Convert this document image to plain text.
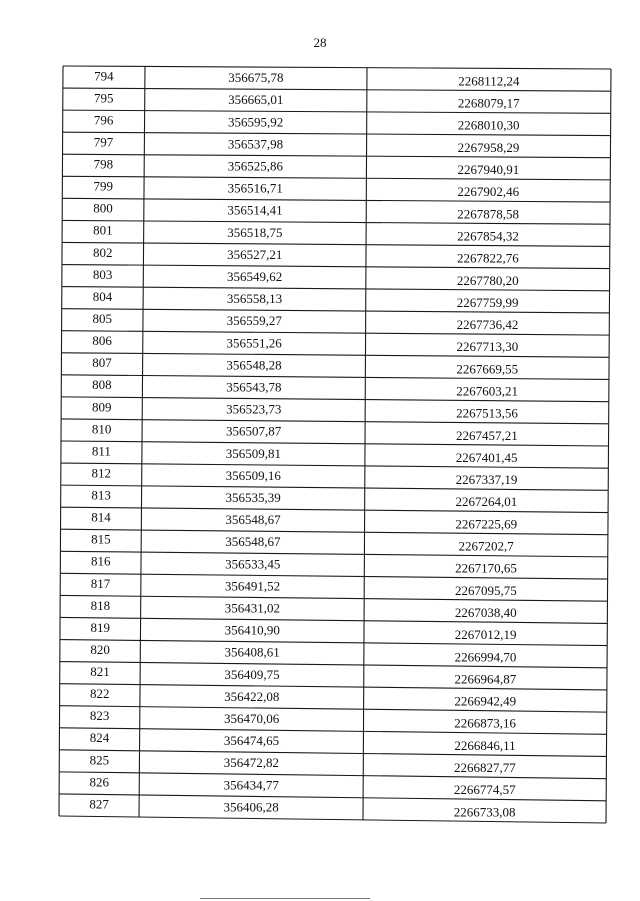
28
794	356675,78	2268112,24
795	356665,01	2268079,17
796	356595,92	2268010,30
797	356537,98	2267958,29
798	356525,86	2267940,91
799	356516,71	2267902,46
800	356514,41	2267878,58
801	356518,75	2267854,32
802	356527,21	2267822,76
803	356549,62	2267780,20
804	356558,13	2267759,99
805	356559,27	2267736,42
806	356551,26	2267713,30
807	356548,28	2267669,55
808	356543,78	2267603,21
809	356523,73	2267513,56
810	356507,87	2267457,21
811	356509,81	2267401,45
812	356509,16	2267337,19
813	356535,39	2267264,01
814	356548,67	2267225,69
815	356548,67	2267202,7
816	356533,45	2267170,65
817	356491,52	2267095,75
818	356431,02	2267038,40
819	356410,90	2267012,19
820	356408,61	2266994,70
821	356409,75	2266964,87
822	356422,08	2266942,49
823	356470,06	2266873,16
824	356474,65	2266846,11
825	356472,82	2266827,77
826	356434,77	2266774,57
827	356406,28	2266733,08
